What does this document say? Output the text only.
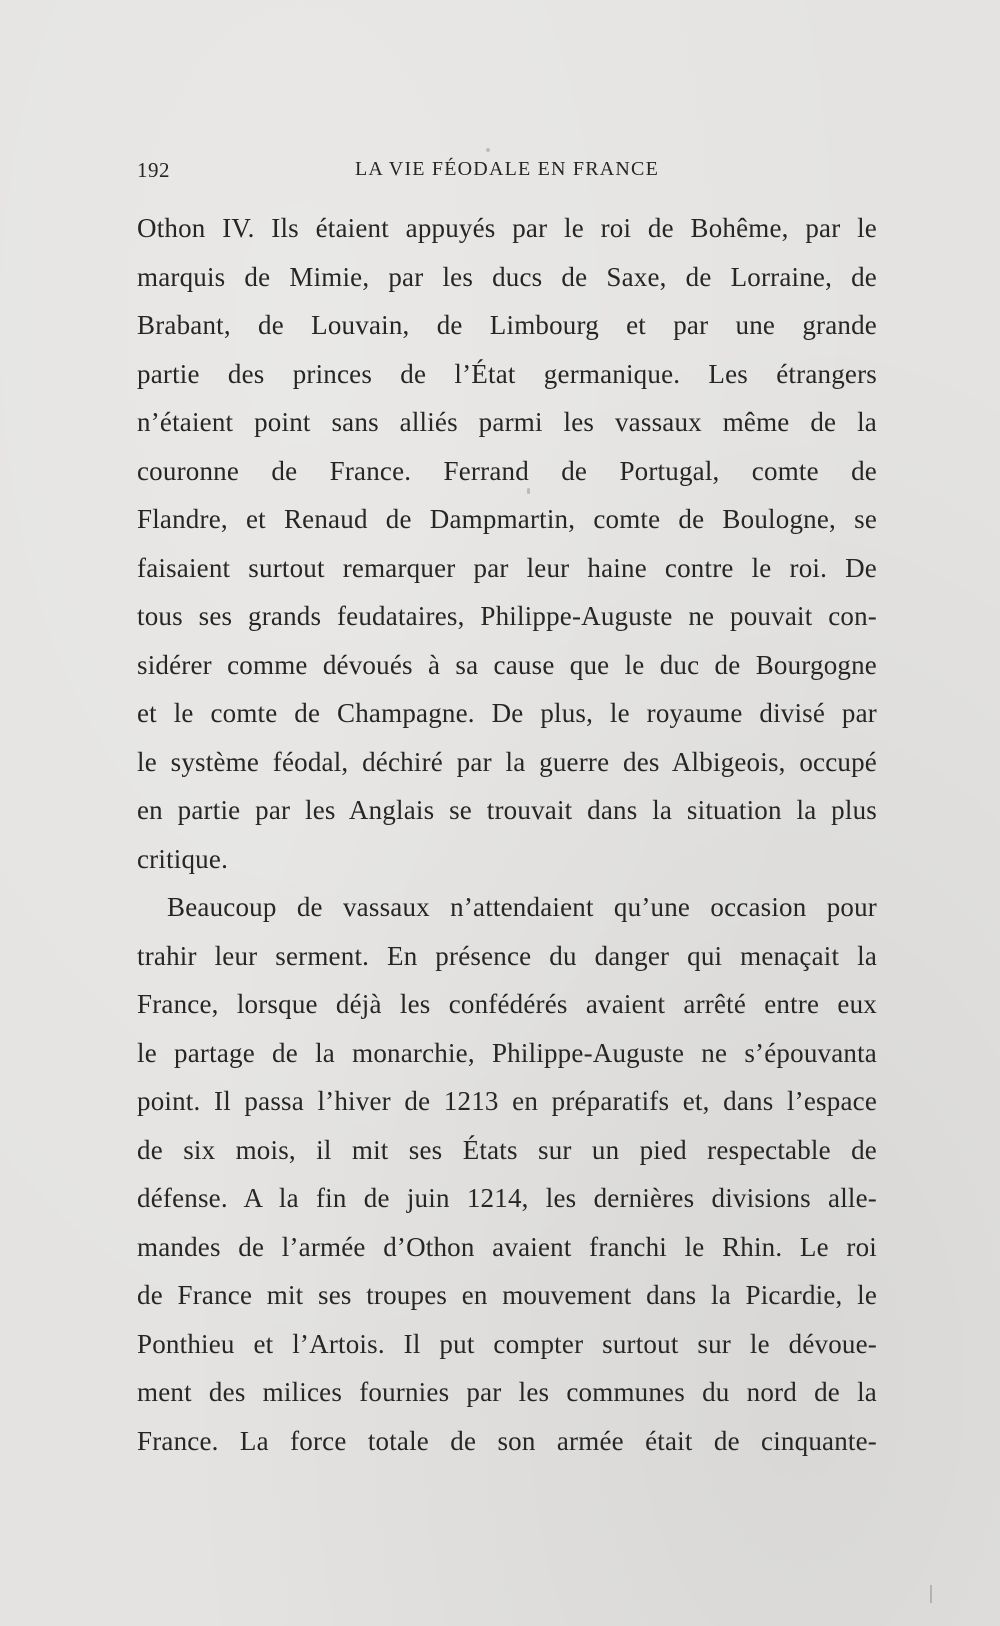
192	LA VIE FÉODALE EN FRANCE
Othon IV. Ils étaient appuyés par le roi de Bohême, par le
marquis de Mimie, par les ducs de Saxe, de Lorraine, de
Brabant, de Louvain, de Limbourg et par une grande
partie des princes de l’État germanique. Les étrangers
n’étaient point sans alliés parmi les vassaux même de la
couronne de France. Ferrand de Portugal, comte de
Flandre, et Renaud de Dampmartin, comte de Boulogne, se
faisaient surtout remarquer par leur haine contre le roi. De
tous ses grands feudataires, Philippe-Auguste ne pouvait con-
sidérer comme dévoués à sa cause que le duc de Bourgogne
et le comte de Champagne. De plus, le royaume divisé par
le système féodal, déchiré par la guerre des Albigeois, occupé
en partie par les Anglais se trouvait dans la situation la plus
critique.
Beaucoup de vassaux n’attendaient qu’une occasion pour
trahir leur serment. En présence du danger qui menaçait la
France, lorsque déjà les confédérés avaient arrêté entre eux
le partage de la monarchie, Philippe-Auguste ne s’épouvanta
point. Il passa l’hiver de 1213 en préparatifs et, dans l’espace
de six mois, il mit ses États sur un pied respectable de
défense. A la fin de juin 1214, les dernières divisions alle-
mandes de l’armée d’Othon avaient franchi le Rhin. Le roi
de France mit ses troupes en mouvement dans la Picardie, le
Ponthieu et l’Artois. Il put compter surtout sur le dévoue-
ment des milices fournies par les communes du nord de la
France. La force totale de son armée était de cinquante-
